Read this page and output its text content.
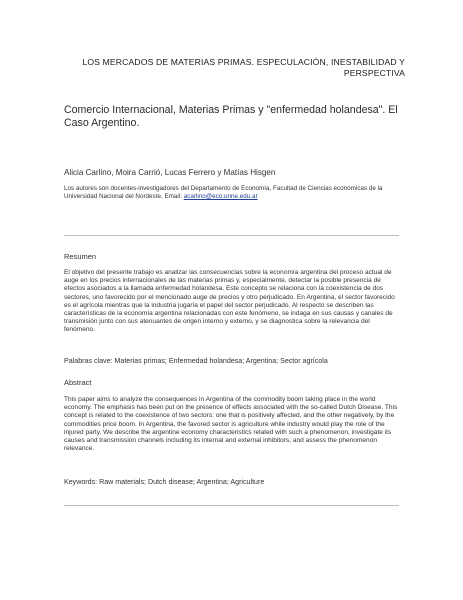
LOS MERCADOS DE MATERIAS PRIMAS. ESPECULACIÓN, INESTABILIDAD Y PERSPECTIVA
Comercio Internacional, Materias Primas y "enfermedad holandesa". El Caso Argentino.
Alicia Carlino, Moira Carrió, Lucas Ferrero y Matías Hisgen
Los autores son docentes-investigadores del Departamento de Economía, Facultad de Ciencias económicas de la Universidad Nacional del Nordeste. Email: acarlino@eco.unne.edu.ar
Resumen
El objetivo del presente trabajo es analizar las consecuencias sobre la economía argentina del proceso actual de auge en los precios internacionales de las materias primas y, especialmente, detectar la posible presencia de efectos asociados a la llamada enfermedad holandesa. Este concepto se relaciona con la coexistencia de dos sectores, uno favorecido por el mencionado auge de precios y otro perjudicado. En Argentina, el sector favorecido es el agrícola mientras que la industria jugaría el papel del sector perjudicado. Al respecto se describen las características de la economía argentina relacionadas con este fenómeno, se indaga en sus causas y canales de transmisión junto con sus atenuantes de origen interno y externo, y se diagnostica sobre la relevancia del fenómeno.
Palabras clave: Materias primas; Enfermedad holandesa; Argentina; Sector agrícola
Abstract
This paper aims to analyze the consequences in Argentina of the commodity boom taking place in the world economy. The emphasis has been put on the presence of effects associated with the so-called Dutch Disease. This concept is related to the coexistence of two sectors: one that is positively affected, and the other negatively, by the commodities price boom. In Argentina, the favored sector is agriculture while industry would play the role of the injured party. We describe the argentine economy characteristics related with such a phenomenon, investigate its causes and transmission channels including its internal and external inhibitors, and assess the phenomenon relevance.
Keywords: Raw materials; Dutch disease; Argentina; Agriculture
